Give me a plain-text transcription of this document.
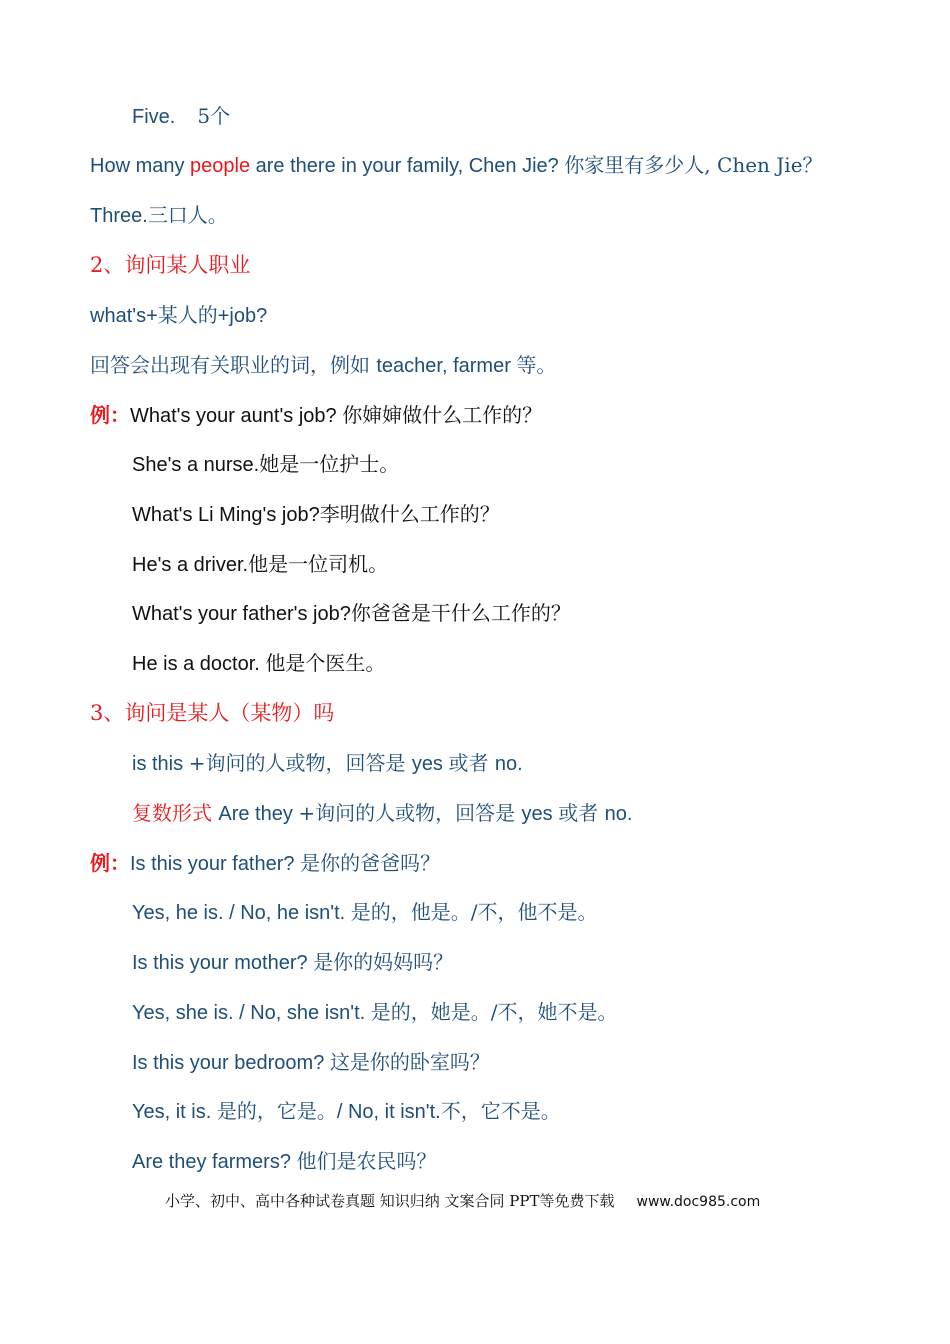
Five. 5个
How many people are there in your family, Chen Jie? 你家里有多少人, Chen Jie？
Three.三口人。
2、询问某人职业
what's+某人的+job?
回答会出现有关职业的词，例如 teacher, farmer 等。
例：What's your aunt's job? 你婶婶做什么工作的？
She's a nurse.她是一位护士。
What's Li Ming's job?李明做什么工作的？
He's a driver.他是一位司机。
What's your father's job?你爸爸是干什么工作的？
He is a doctor. 他是个医生。
3、询问是某人（某物）吗
is this +询问的人或物，回答是 yes 或者 no.
复数形式 Are they +询问的人或物，回答是 yes 或者 no.
例：Is this your father? 是你的爸爸吗？
Yes, he is. / No, he isn't. 是的，他是。/不，他不是。
Is this your mother? 是你的妈妈吗？
Yes, she is. / No, she isn't. 是的，她是。/不，她不是。
Is this your bedroom? 这是你的卧室吗？
Yes, it is. 是的，它是。/ No, it isn't.不，它不是。
Are they farmers? 他们是农民吗？
小学、初中、高中各种试卷真题 知识归纳 文案合同 PPT等免费下载 www.doc985.com
